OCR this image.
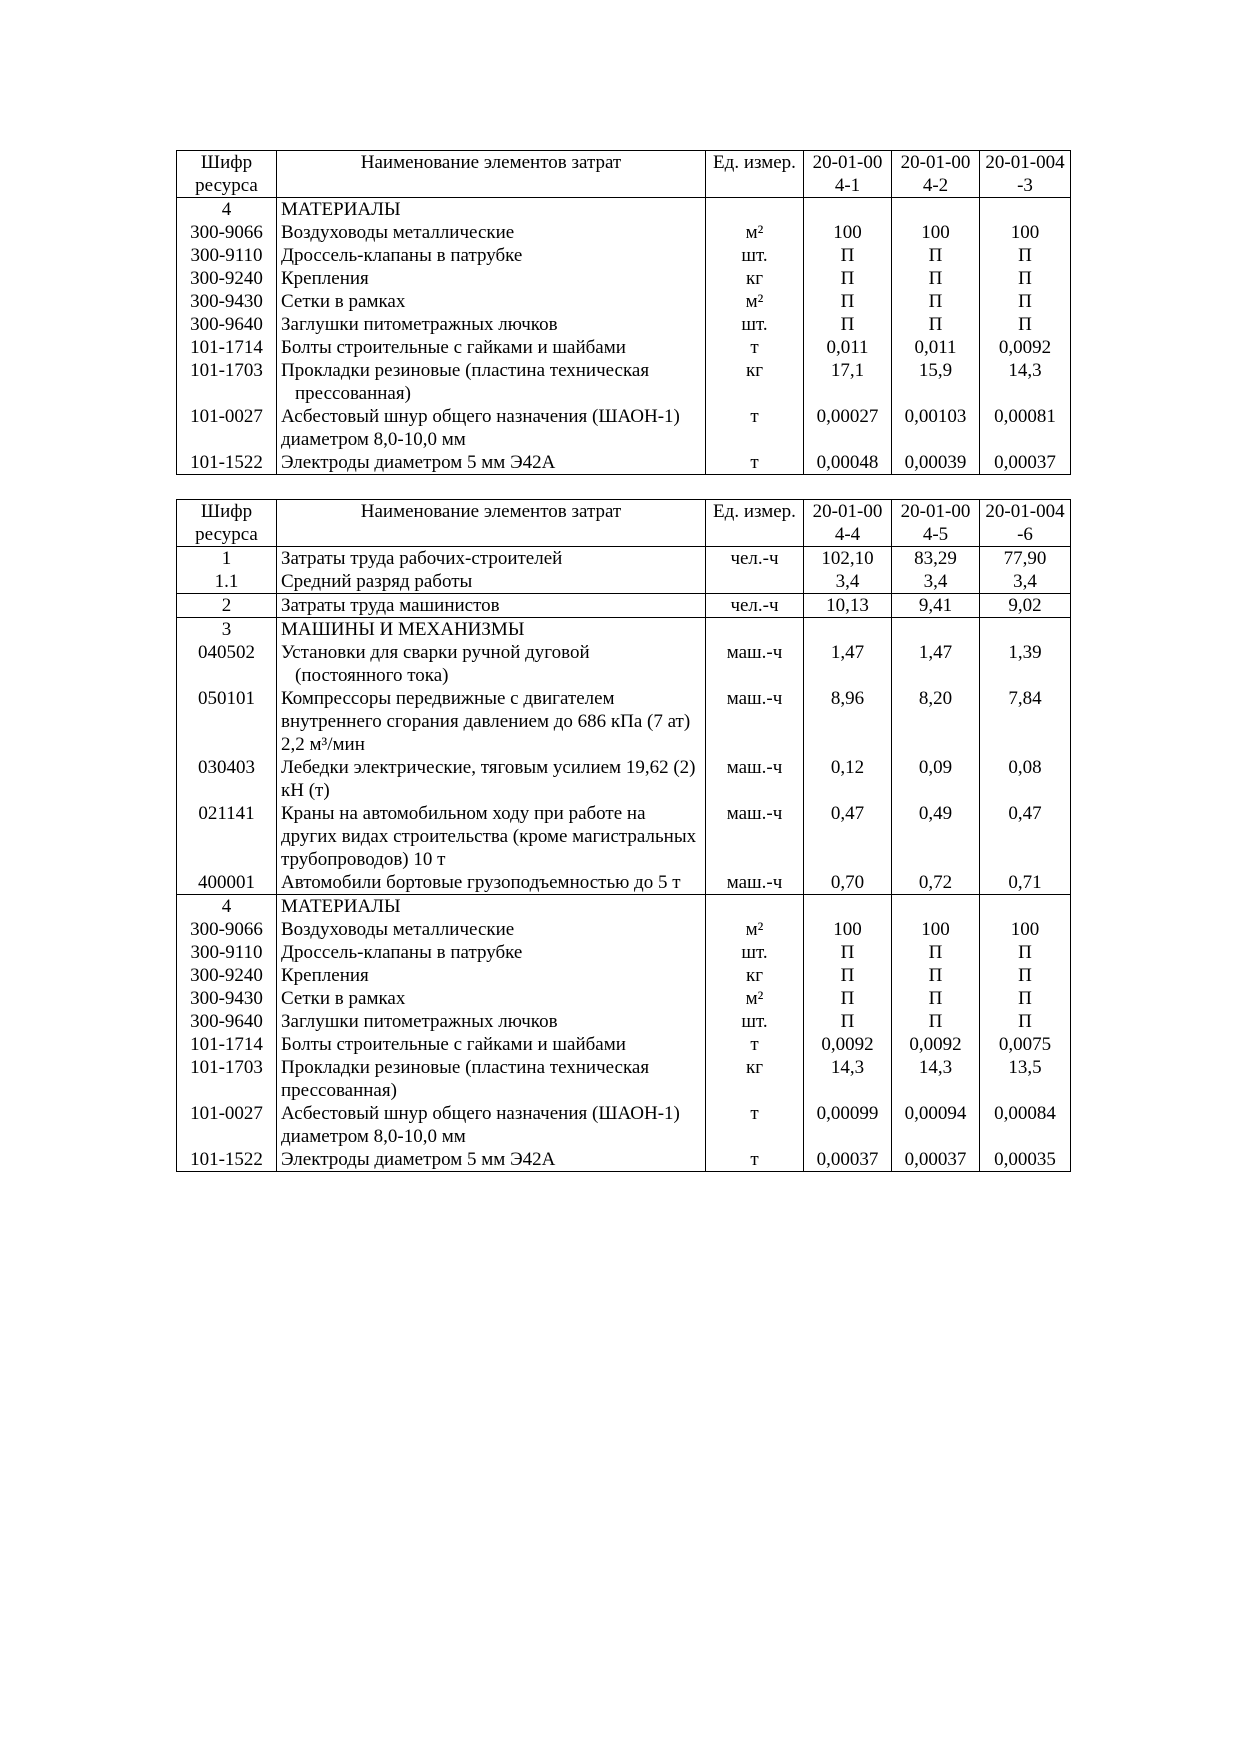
Шифр ресурса	Наименование элементов затрат	Ед. измер.	20-01-004-1	20-01-004-2	20-01-004-3
4	МАТЕРИАЛЫ				
300-9066	Воздуховоды металлические	м²	100	100	100
300-9110	Дроссель-клапаны в патрубке	шт.	П	П	П
300-9240	Крепления	кг	П	П	П
300-9430	Сетки в рамках	м²	П	П	П
300-9640	Заглушки питометражных лючков	шт.	П	П	П
101-1714	Болты строительные с гайками и шайбами	т	0,011	0,011	0,0092
101-1703	Прокладки резиновые (пластина техническая прессованная)	кг	17,1	15,9	14,3
101-0027	Асбестовый шнур общего назначения (ШАОН-1) диаметром 8,0-10,0 мм	т	0,00027	0,00103	0,00081
101-1522	Электроды диаметром 5 мм Э42А	т	0,00048	0,00039	0,00037
Шифр ресурса	Наименование элементов затрат	Ед. измер.	20-01-004-4	20-01-004-5	20-01-004-6
1	Затраты труда рабочих-строителей	чел.-ч	102,10	83,29	77,90
1.1	Средний разряд работы		3,4	3,4	3,4
2	Затраты труда машинистов	чел.-ч	10,13	9,41	9,02
3	МАШИНЫ И МЕХАНИЗМЫ				
040502	Установки для сварки ручной дуговой (постоянного тока)	маш.-ч	1,47	1,47	1,39
050101	Компрессоры передвижные с двигателем внутреннего сгорания давлением до 686 кПа (7 ат) 2,2 м³/мин	маш.-ч	8,96	8,20	7,84
030403	Лебедки электрические, тяговым усилием 19,62 (2) кН (т)	маш.-ч	0,12	0,09	0,08
021141	Краны на автомобильном ходу при работе на других видах строительства (кроме магистральных трубопроводов) 10 т	маш.-ч	0,47	0,49	0,47
400001	Автомобили бортовые грузоподъемностью до 5 т	маш.-ч	0,70	0,72	0,71
4	МАТЕРИАЛЫ				
300-9066	Воздуховоды металлические	м²	100	100	100
300-9110	Дроссель-клапаны в патрубке	шт.	П	П	П
300-9240	Крепления	кг	П	П	П
300-9430	Сетки в рамках	м²	П	П	П
300-9640	Заглушки питометражных лючков	шт.	П	П	П
101-1714	Болты строительные с гайками и шайбами	т	0,0092	0,0092	0,0075
101-1703	Прокладки резиновые (пластина техническая прессованная)	кг	14,3	14,3	13,5
101-0027	Асбестовый шнур общего назначения (ШАОН-1) диаметром 8,0-10,0 мм	т	0,00099	0,00094	0,00084
101-1522	Электроды диаметром 5 мм Э42А	т	0,00037	0,00037	0,00035
